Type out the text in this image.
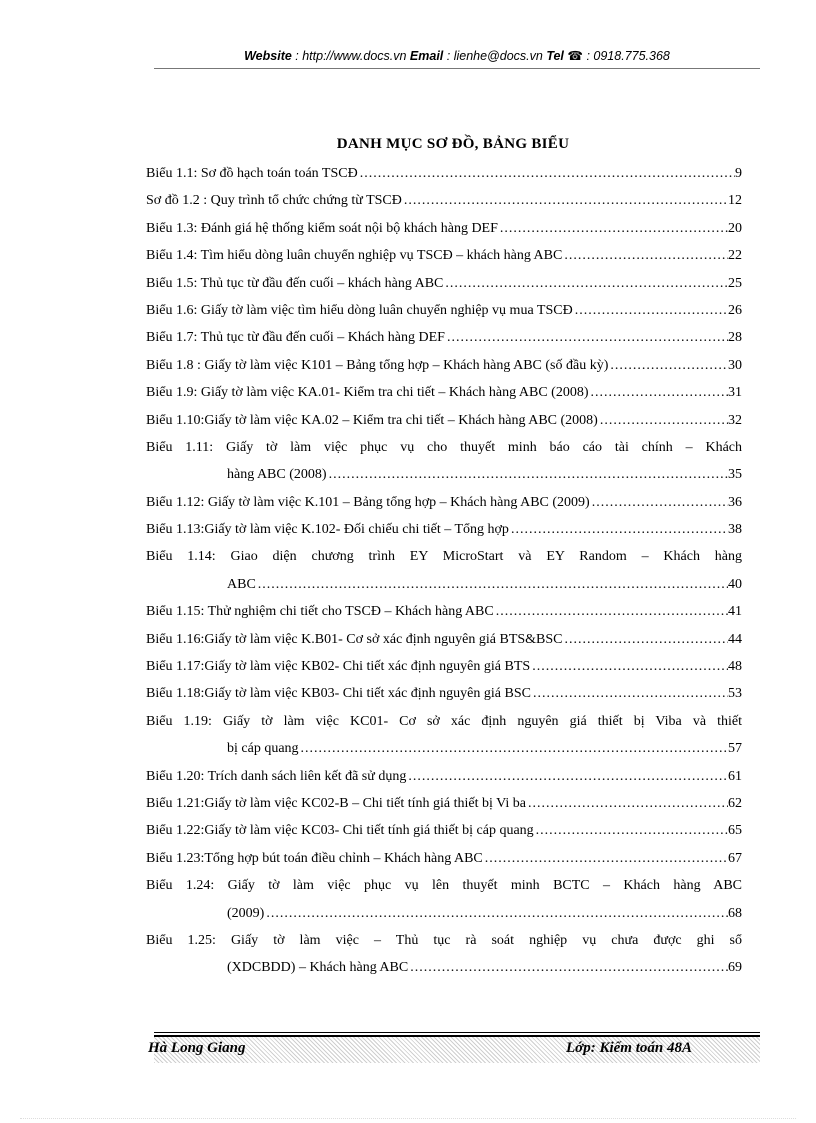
Website : http://www.docs.vn Email : lienhe@docs.vn Tel ☎ : 0918.775.368
DANH MỤC SƠ ĐỒ, BẢNG BIỂU
Biểu 1.1: Sơ đồ hạch toán toán TSCĐ .....	9
Sơ đồ 1.2 : Quy trình tổ chức chứng từ TSCĐ .....	12
Biểu 1.3: Đánh giá hệ thống kiểm soát nội bộ khách hàng DEF .....	20
Biểu 1.4: Tìm hiểu dòng luân chuyển nghiệp vụ TSCĐ – khách hàng ABC .....	22
Biểu 1.5: Thủ tục từ đầu đến cuối – khách hàng ABC .....	25
Biểu 1.6: Giấy tờ làm việc tìm hiểu dòng luân chuyển nghiệp vụ mua TSCĐ .....	26
Biểu 1.7: Thủ tục từ đầu đến cuối – Khách hàng DEF .....	28
Biểu 1.8 : Giấy tờ làm việc K101 – Bảng tổng hợp – Khách hàng ABC (số đầu kỳ) .....	30
Biểu 1.9: Giấy tờ làm việc KA.01- Kiểm tra chi tiết – Khách hàng ABC (2008) .....	31
Biểu 1.10:Giấy tờ làm việc KA.02 – Kiểm tra chi tiết – Khách hàng ABC (2008) .....	32
Biểu 1.11: Giấy tờ làm việc phục vụ cho thuyết minh báo cáo tài chính – Khách
hàng ABC (2008) .....	35
Biểu 1.12: Giấy tờ làm việc K.101 – Bảng tổng hợp – Khách hàng ABC (2009) .....	36
Biểu 1.13:Giấy tờ làm việc K.102- Đối chiếu chi tiết – Tổng hợp .....	38
Biểu 1.14: Giao diện chương trình EY MicroStart và EY Random – Khách hàng
ABC .....	40
Biểu 1.15: Thử nghiệm chi tiết cho TSCĐ – Khách hàng ABC .....	41
Biểu 1.16:Giấy tờ làm việc K.B01- Cơ sở xác định nguyên giá BTS&BSC .....	44
Biểu 1.17:Giấy tờ làm việc KB02- Chi tiết xác định nguyên giá BTS .....	48
Biểu 1.18:Giấy tờ làm việc KB03- Chi tiết xác định nguyên giá BSC .....	53
Biểu 1.19: Giấy tờ làm việc KC01- Cơ sở xác định nguyên giá thiết bị Viba và thiết
bị cáp quang .....	57
Biểu 1.20: Trích danh sách liên kết đã sử dụng .....	61
Biểu 1.21:Giấy tờ làm việc KC02-B – Chi tiết tính giá thiết bị Vi ba .....	62
Biểu 1.22:Giấy tờ làm việc KC03- Chi tiết tính giá thiết bị cáp quang .....	65
Biểu 1.23:Tổng hợp bút toán điều chỉnh – Khách hàng ABC .....	67
Biểu 1.24: Giấy tờ làm việc phục vụ lên thuyết minh BCTC – Khách hàng ABC
(2009) .....	68
Biểu 1.25: Giấy tờ làm việc – Thủ tục rà soát nghiệp vụ chưa được ghi sổ
(XDCBDD) – Khách hàng ABC .....	69
Hà Long Giang	Lớp: Kiểm toán 48A
